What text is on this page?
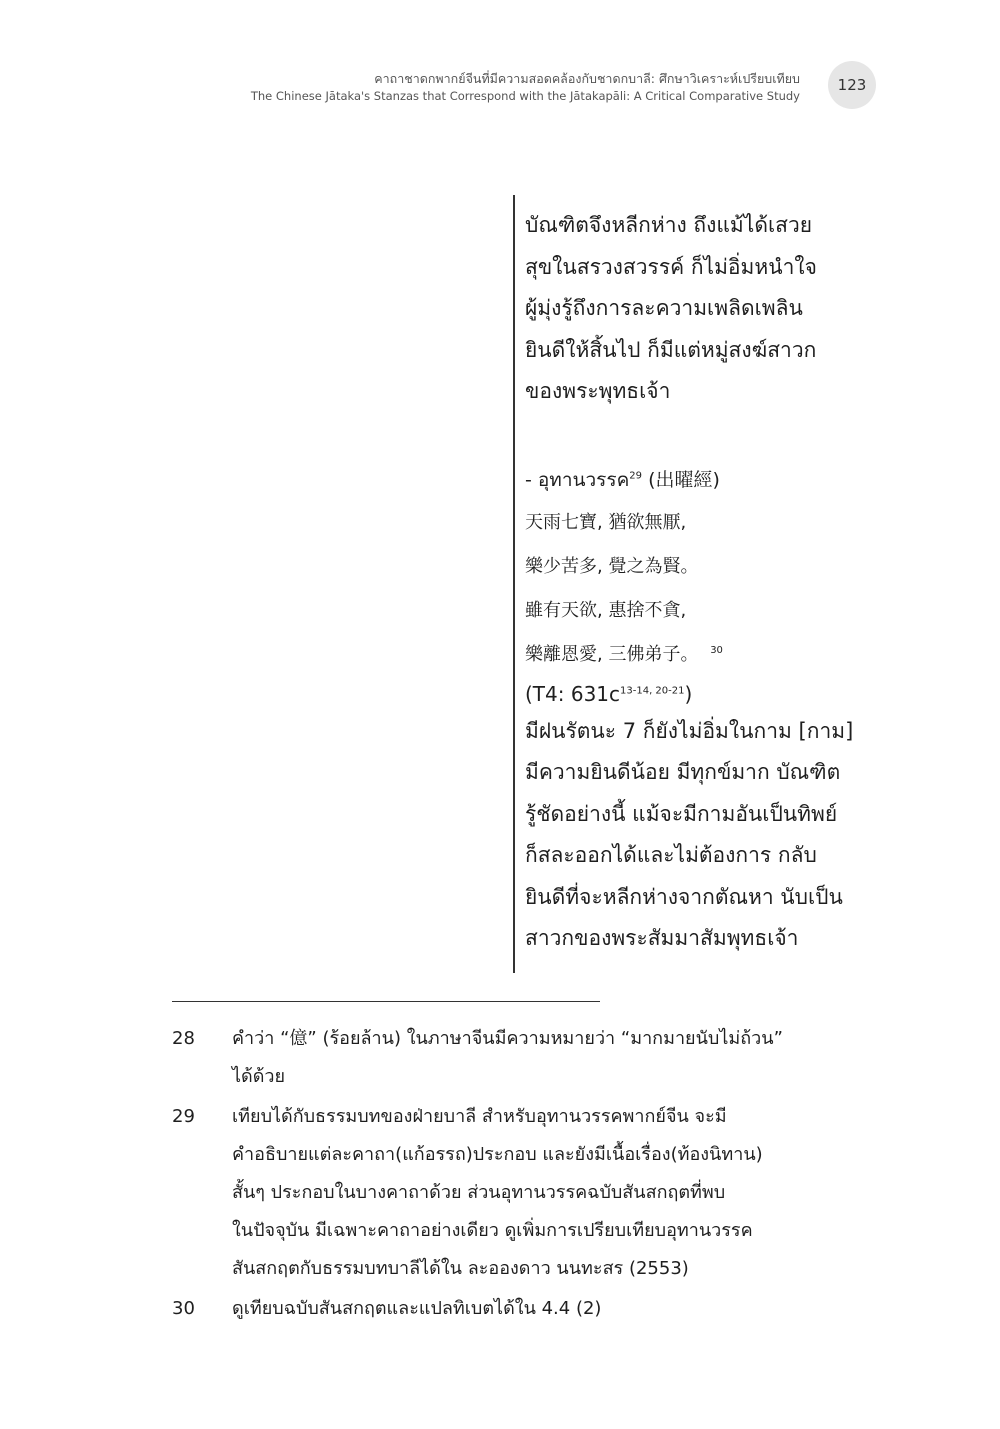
คาถาชาดกพากย์จีนที่มีความสอดคล้องกับชาดกบาลี: ศึกษาวิเคราะห์เปรียบเทียบ
The Chinese Jātaka's Stanzas that Correspond with the Jātakapāli: A Critical Comparative Study
123
บัณฑิตจึงหลีกห่าง ถึงแม้ได้เสวย
สุขในสรวงสวรรค์ ก็ไม่อิ่มหนำใจ
ผู้มุ่งรู้ถึงการละความเพลิดเพลิน
ยินดีให้สิ้นไป ก็มีแต่หมู่สงฆ์สาวก
ของพระพุทธเจ้า
- อุทานวรรค$^{29}$ (出曜經)
天雨七寶, 猶欲無厭,
樂少苦多, 覺之為賢。
雖有天欲, 惠捨不貪,
樂離恩愛, 三佛弟子。 $^{30}$
(T4: $631c^{13-14, 20-21}$)
มีฝนรัตนะ 7 ก็ยังไม่อิ่มในกาม [กาม]
มีความยินดีน้อย มีทุกข์มาก บัณฑิต
รู้ชัดอย่างนี้ แม้จะมีกามอันเป็นทิพย์
ก็สละออกได้และไม่ต้องการ กลับ
ยินดีที่จะหลีกห่างจากตัณหา นับเป็น
สาวกของพระสัมมาสัมพุทธเจ้า
28	คำว่า “億” (ร้อยล้าน) ในภาษาจีนมีความหมายว่า “มากมายนับไม่ถ้วน”
ได้ด้วย
29	เทียบได้กับธรรมบทของฝ่ายบาลี สำหรับอุทานวรรคพากย์จีน จะมี
คำอธิบายแต่ละคาถา(แก้อรรถ)ประกอบ และยังมีเนื้อเรื่อง(ท้องนิทาน)
สั้นๆ ประกอบในบางคาถาด้วย ส่วนอุทานวรรคฉบับสันสกฤตที่พบ
ในปัจจุบัน มีเฉพาะคาถาอย่างเดียว ดูเพิ่มการเปรียบเทียบอุทานวรรค
สันสกฤตกับธรรมบทบาลีได้ใน ละอองดาว นนทะสร (2553)
30	ดูเทียบฉบับสันสกฤตและแปลทิเบตได้ใน 4.4 (2)
